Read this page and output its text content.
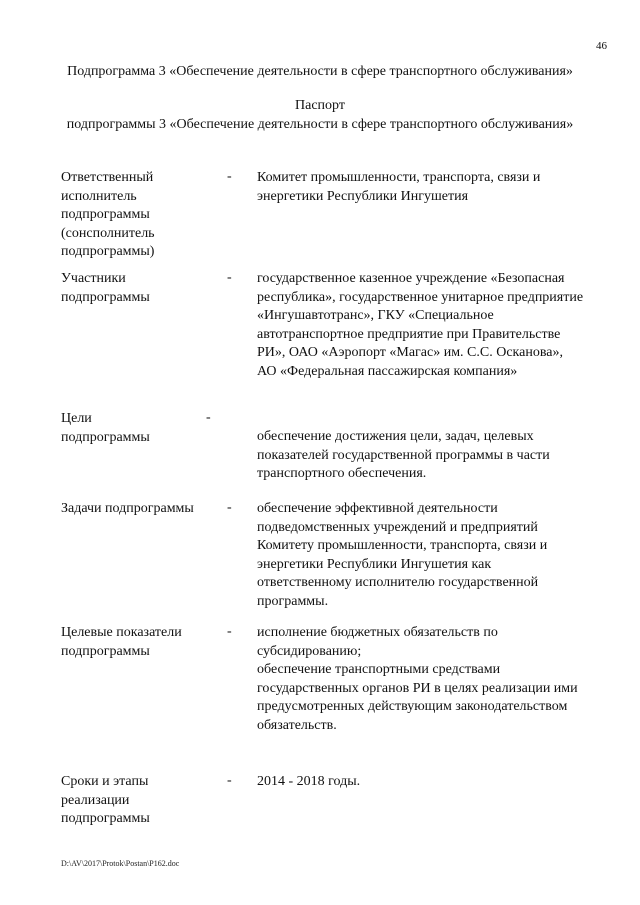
46
Подпрограмма 3 «Обеспечение деятельности в сфере транспортного обслуживания»
Паспорт
подпрограммы 3 «Обеспечение деятельности в сфере транспортного обслуживания»
Ответственный
исполнитель
подпрограммы
(сонсполнитель
подпрограммы)
- Комитет промышленности, транспорта, связи и
энергетики Республики Ингушетия
Участники
подпрограммы
- государственное казенное учреждение «Безопасная
республика», государственное унитарное предприятие
«Ингушавтотранс», ГКУ «Специальное
автотранспортное предприятие при Правительстве
РИ», ОАО «Аэропорт «Магас» им. С.С. Осканова»,
АО «Федеральная пассажирская компания»
Цели
подпрограммы
-
обеспечение достижения цели, задач, целевых
показателей государственной программы в части
транспортного обеспечения.
Задачи подпрограммы - обеспечение эффективной деятельности
подведомственных учреждений и предприятий
Комитету промышленности, транспорта, связи и
энергетики Республики Ингушетия как
ответственному исполнителю государственной
программы.
Целевые показатели
подпрограммы
- исполнение бюджетных обязательств по
субсидированию;
обеспечение транспортными средствами
государственных органов РИ в целях реализации ими
предусмотренных действующим законодательством
обязательств.
Сроки и этапы
реализации
подпрограммы
- 2014 - 2018 годы.
D:\AV\2017\Protok\Postan\P162.doc
